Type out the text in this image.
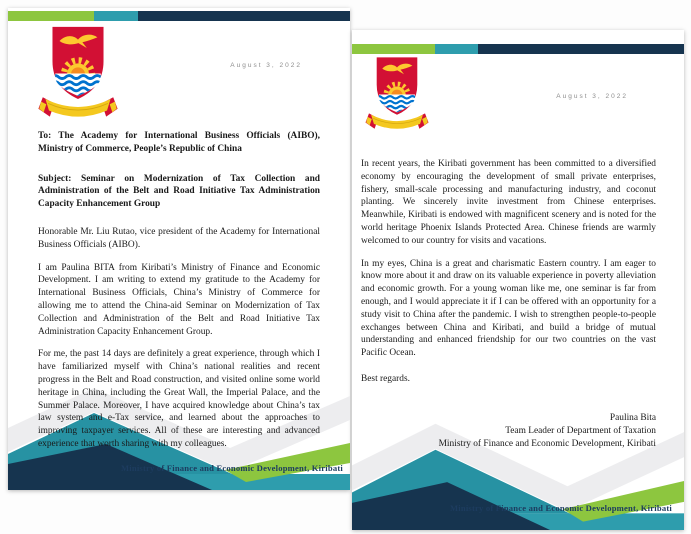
August 3, 2022

To: The Academy for International Business Officials (AIBO), Ministry of Commerce, People’s Republic of China

Subject: Seminar on Modernization of Tax Collection and Administration of the Belt and Road Initiative Tax Administration Capacity Enhancement Group

Honorable Mr. Liu Rutao, vice president of the Academy for International Business Officials (AIBO).

I am Paulina BITA from Kiribati’s Ministry of Finance and Economic Development. I am writing to extend my gratitude to the Academy for International Business Officials, China’s Ministry of Commerce for allowing me to attend the China-aid Seminar on Modernization of Tax Collection and Administration of the Belt and Road Initiative Tax Administration Capacity Enhancement Group.

For me, the past 14 days are definitely a great experience, through which I have familiarized myself with China’s national realities and recent progress in the Belt and Road construction, and visited online some world heritage in China, including the Great Wall, the Imperial Palace, and the Summer Palace. Moreover, I have acquired knowledge about China’s tax law system and e-Tax service, and learned about the approaches to improving taxpayer services. All of these are interesting and advanced experience that worth sharing with my colleagues.

Ministry of Finance and Economic Development, Kiribati
August 3, 2022

In recent years, the Kiribati government has been committed to a diversified economy by encouraging the development of small private enterprises, fishery, small-scale processing and manufacturing industry, and coconut planting. We sincerely invite investment from Chinese enterprises. Meanwhile, Kiribati is endowed with magnificent scenery and is noted for the world heritage Phoenix Islands Protected Area. Chinese friends are warmly welcomed to our country for visits and vacations.

In my eyes, China is a great and charismatic Eastern country. I am eager to know more about it and draw on its valuable experience in poverty alleviation and economic growth. For a young woman like me, one seminar is far from enough, and I would appreciate it if I can be offered with an opportunity for a study visit to China after the pandemic. I wish to strengthen people-to-people exchanges between China and Kiribati, and build a bridge of mutual understanding and enhanced friendship for our two countries on the vast Pacific Ocean.

Best regards.

Paulina Bita
Team Leader of Department of Taxation
Ministry of Finance and Economic Development, Kiribati
Ministry of Finance and Economic Development, Kiribati
